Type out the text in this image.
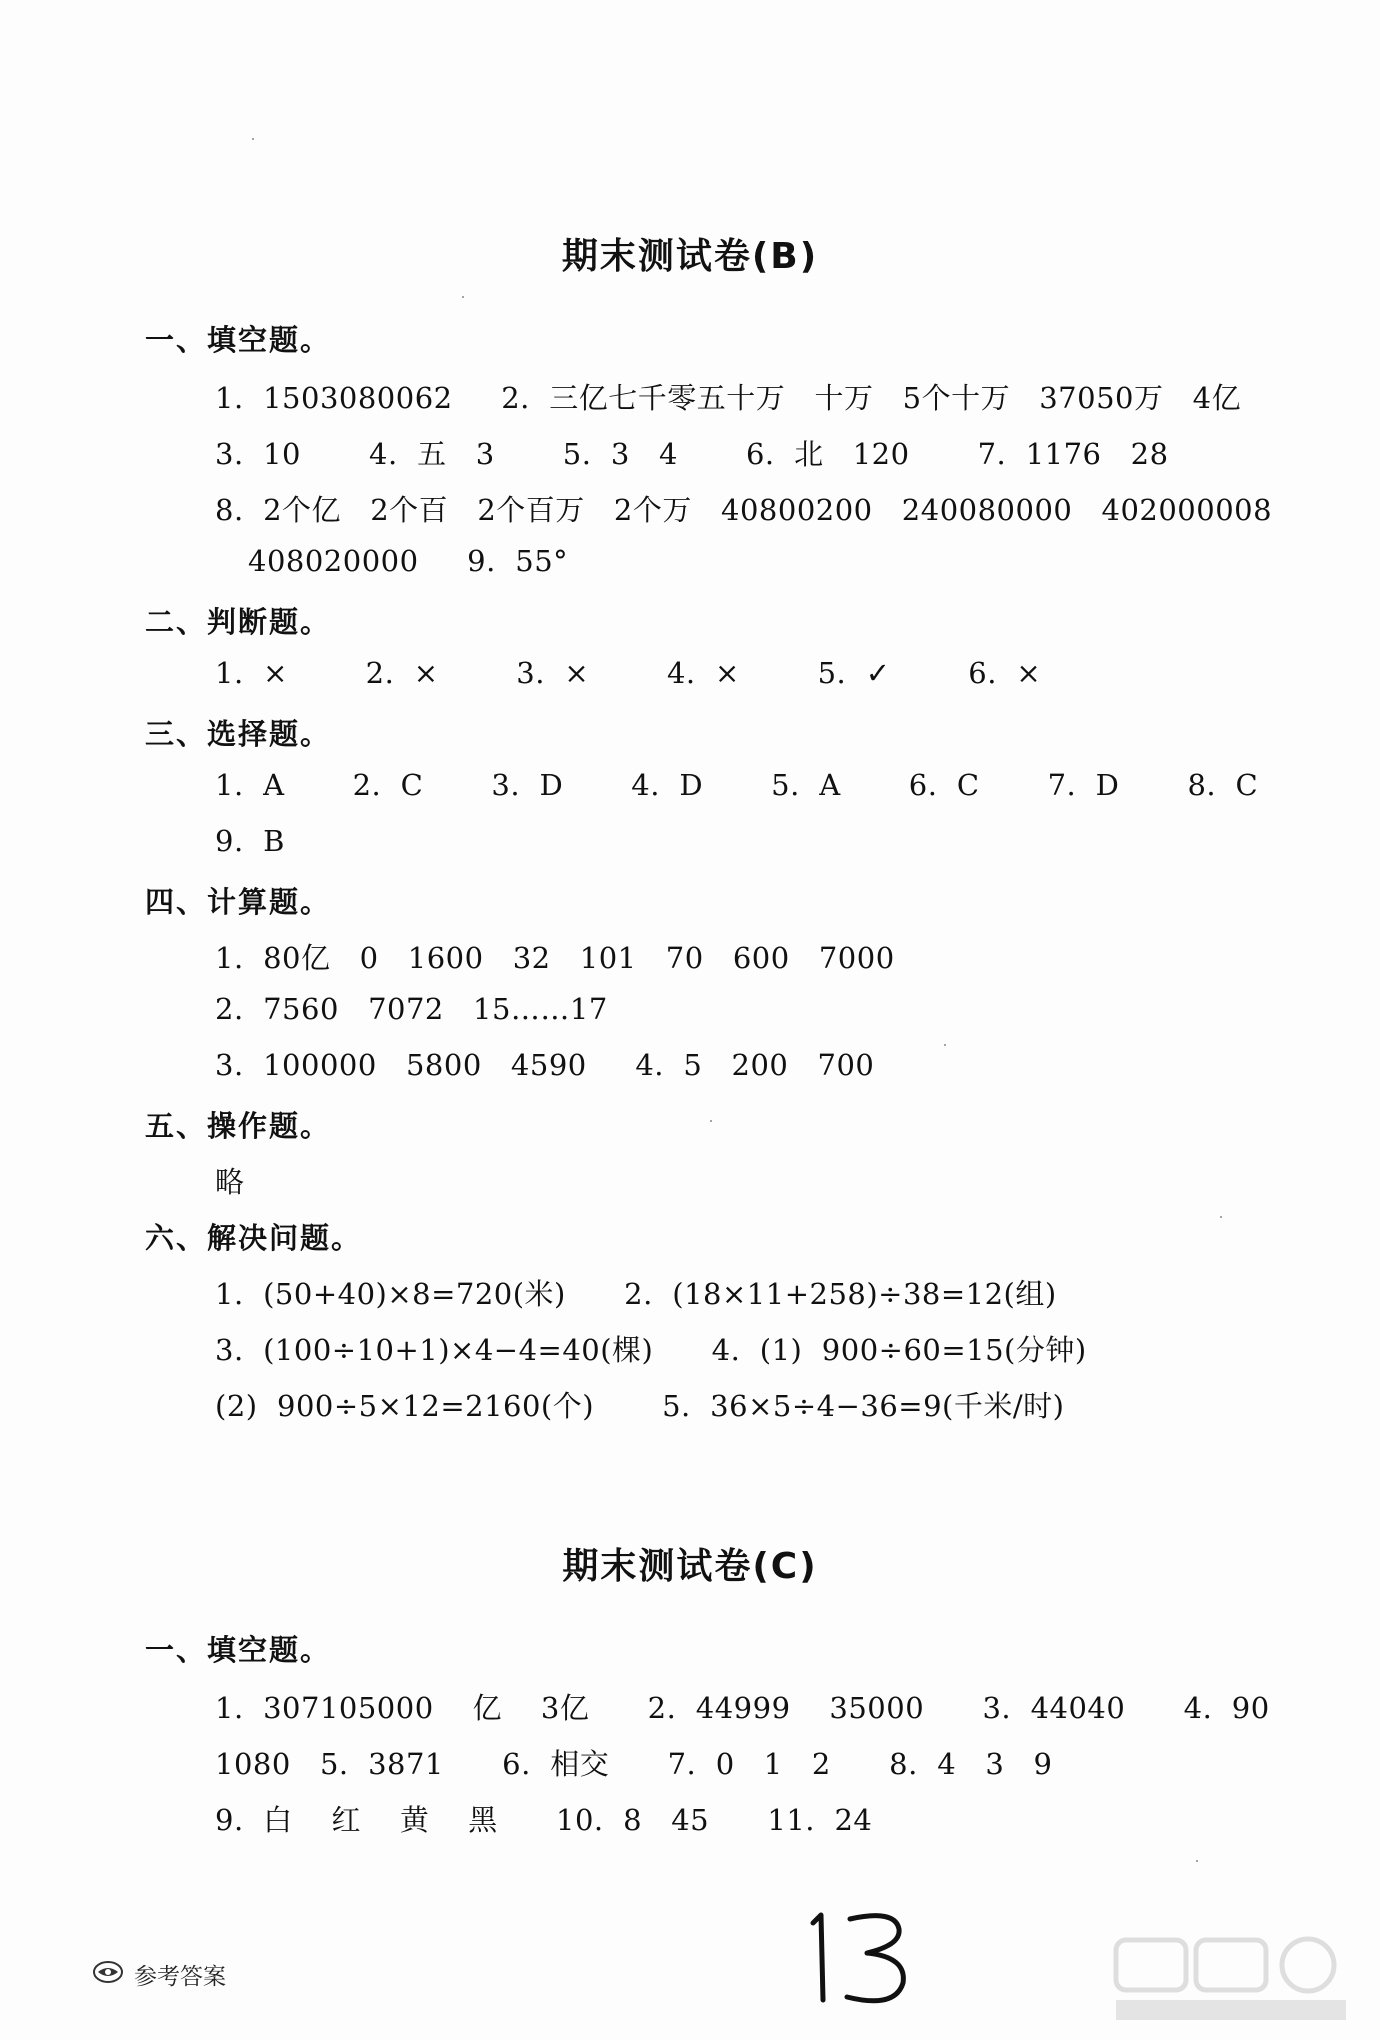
期末测试卷(B)
一、填空题。
1.  1503080062     2.  三亿七千零五十万   十万   5个十万   37050万   4亿
3.  10       4.  五   3       5.  3   4       6.  北   120       7.  1176   28
8.  2个亿   2个百   2个百万   2个万   40800200   240080000   402000008
408020000     9.  55°
二、判断题。
1.  ×        2.  ×        3.  ×        4.  ×        5.  ✓        6.  ×
三、选择题。
1.  A       2.  C       3.  D       4.  D       5.  A       6.  C       7.  D       8.  C
9.  B
四、计算题。
1.  80亿   0   1600   32   101   70   600   7000
2.  7560   7072   15……17
3.  100000   5800   4590     4.  5   200   700
五、操作题。
略
六、解决问题。
1.  (50+40)×8=720(米)      2.  (18×11+258)÷38=12(组)
3.  (100÷10+1)×4−4=40(棵)      4.  (1)  900÷60=15(分钟)
(2)  900÷5×12=2160(个)       5.  36×5÷4−36=9(千米/时)
期末测试卷(C)
一、填空题。
1.  307105000    亿    3亿      2.  44999    35000      3.  44040      4.  90
1080   5.  3871      6.  相交      7.  0   1   2      8.  4   3   9
9.  白    红    黄    黑      10.  8   45      11.  24
参考答案
